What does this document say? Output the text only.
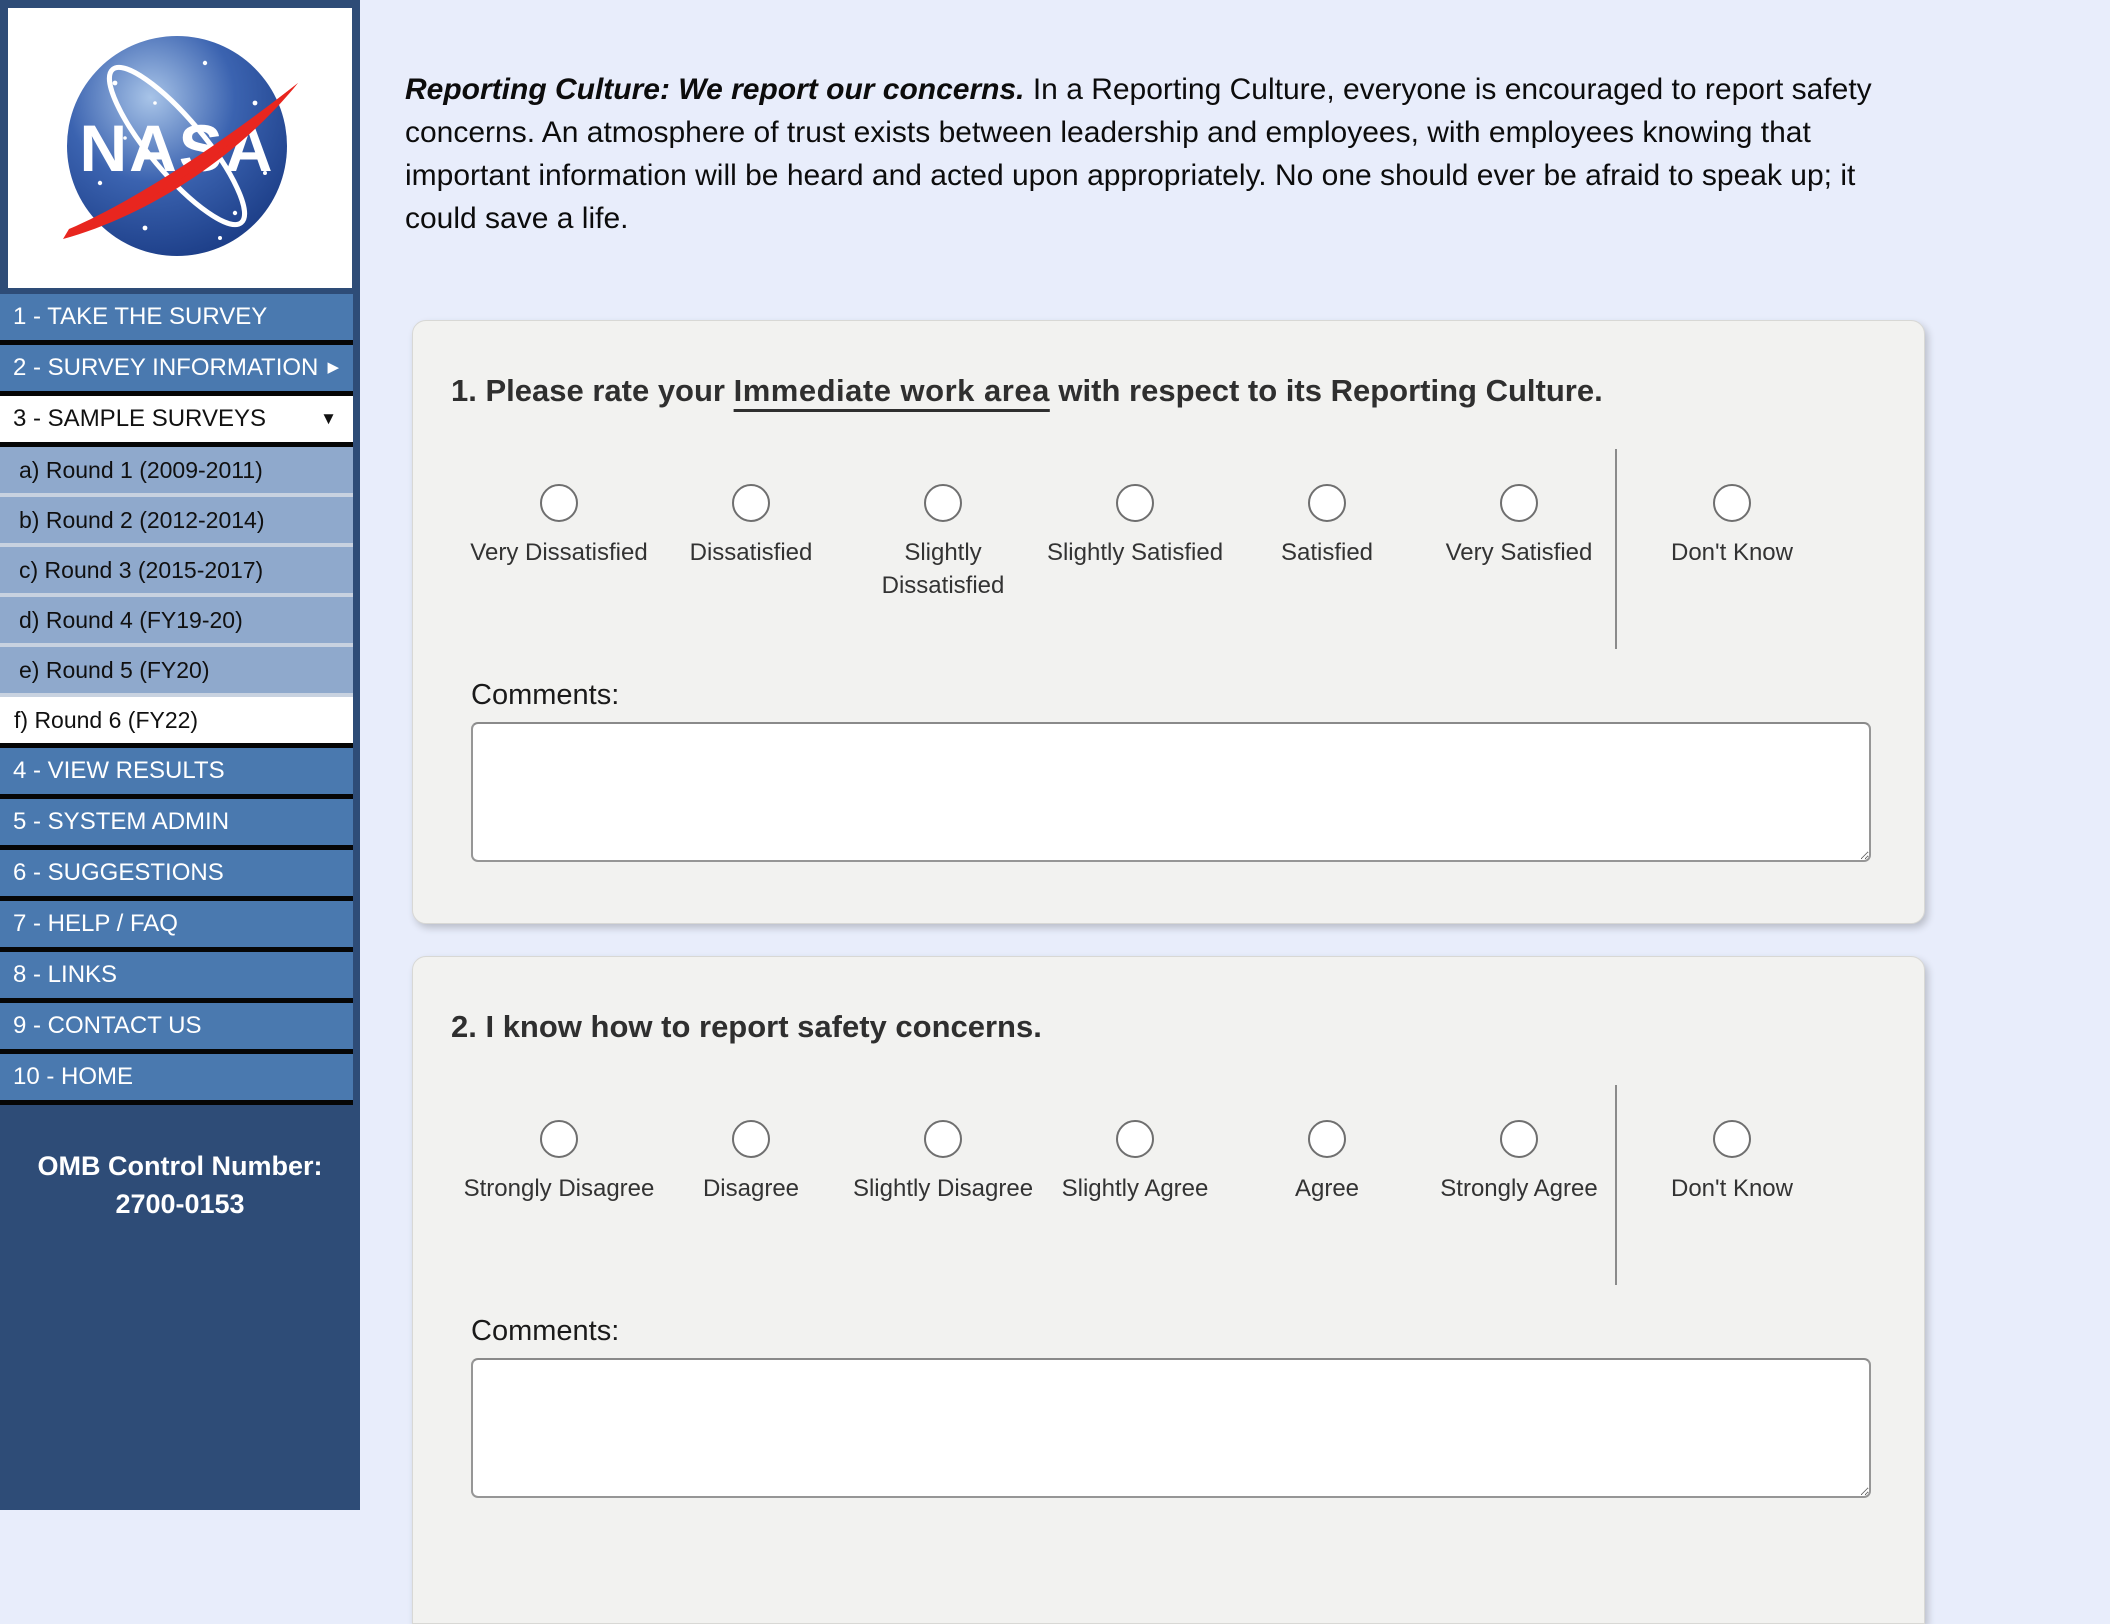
NASA
1 - TAKE THE SURVEY
2 - SURVEY INFORMATION ▶
3 - SAMPLE SURVEYS	▼
a) Round 1 (2009-2011)
b) Round 2 (2012-2014)
c) Round 3 (2015-2017)
d) Round 4 (FY19-20)
e) Round 5 (FY20)
f) Round 6 (FY22)
4 - VIEW RESULTS
5 - SYSTEM ADMIN
6 - SUGGESTIONS
7 - HELP / FAQ
8 - LINKS
9 - CONTACT US
10 - HOME
OMB Control Number:
2700-0153

Reporting Culture: We report our concerns. In a Reporting Culture, everyone is encouraged to report safety concerns. An atmosphere of trust exists between leadership and employees, with employees knowing that important information will be heard and acted upon appropriately. No one should ever be afraid to speak up; it could save a life.

1. Please rate your Immediate work area with respect to its Reporting Culture.
Very Dissatisfied Dissatisfied	Slightly Dissatisfied
Slightly Satisfied Satisfied	Very Satisfied	Don't Know
Comments:
2. I know how to report safety concerns.
Strongly Disagree Disagree Slightly Disagree Slightly Agree	Agree	Strongly Agree	Don't Know
Comments:
